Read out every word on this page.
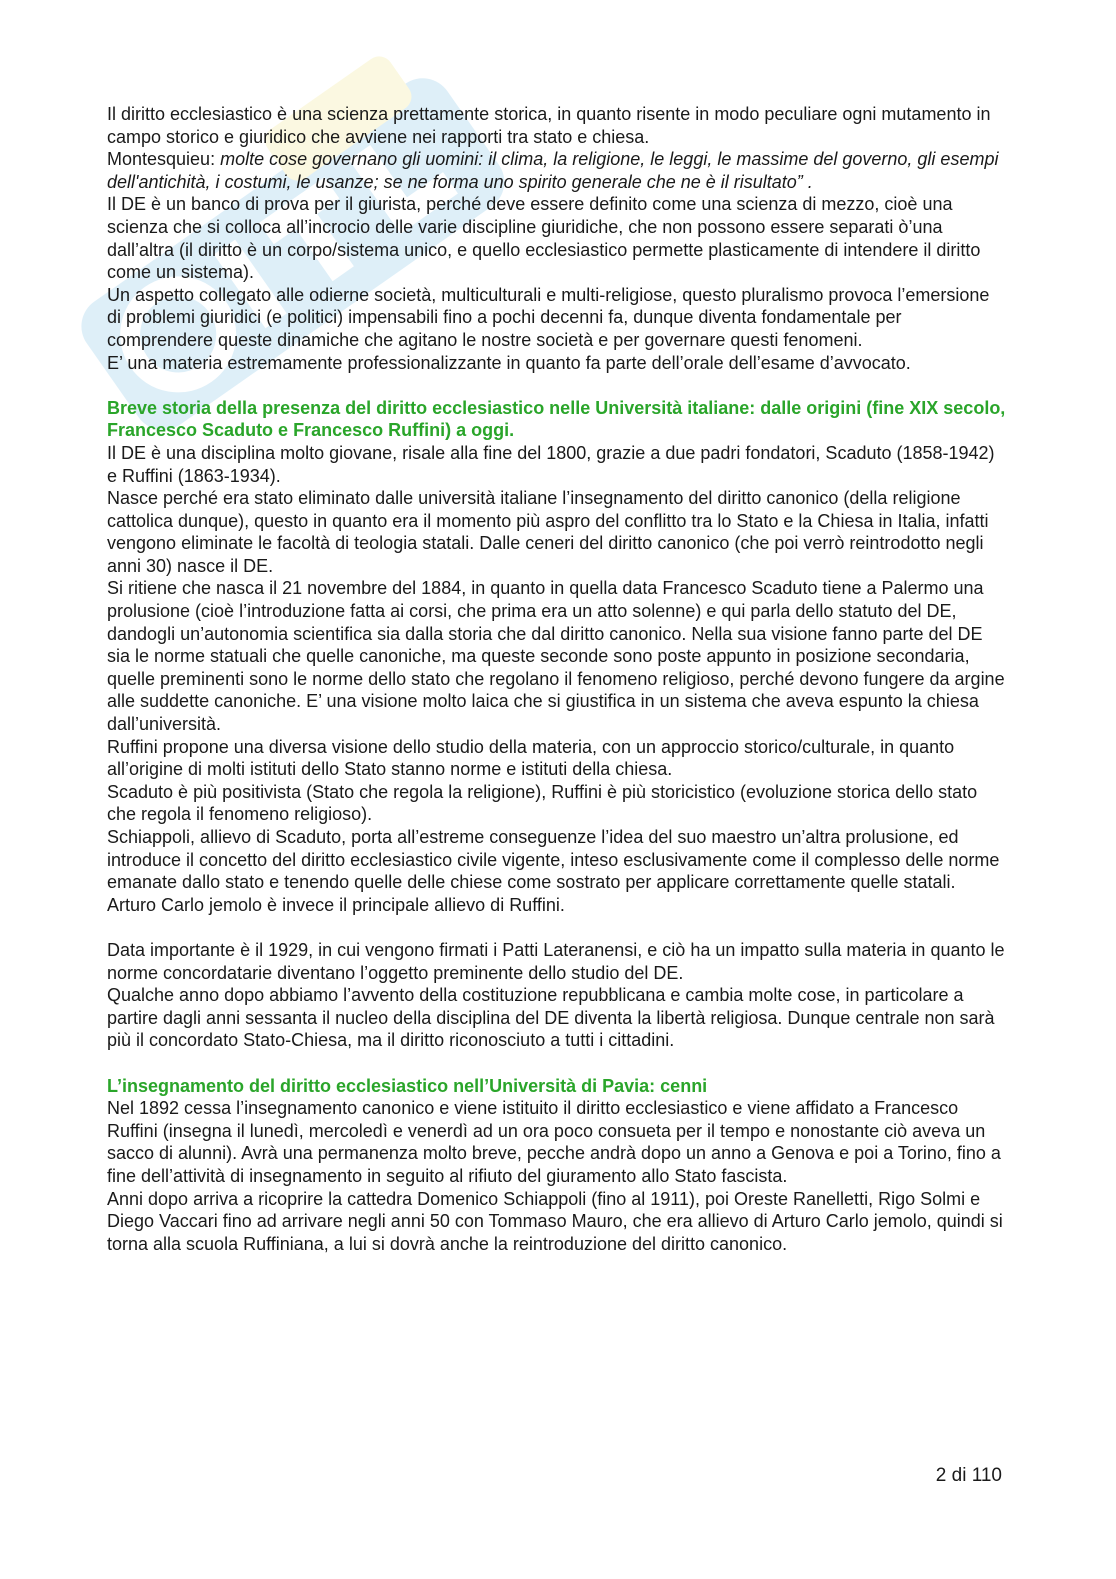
Il diritto ecclesiastico è una scienza prettamente storica, in quanto risente in modo peculiare ogni mutamento in campo storico e giuridico che avviene nei rapporti tra stato e chiesa.

Montesquieu: molte cose governano gli uomini: il clima, la religione, le leggi, le massime del governo, gli esempi dell'antichità, i costumi, le usanze; se ne forma uno spirito generale che ne è il risultato” .

Il DE è un banco di prova per il giurista, perché deve essere definito come una scienza di mezzo, cioè una scienza che si colloca all’incrocio delle varie discipline giuridiche, che non possono essere separati ò’una dall’altra (il diritto è un corpo/sistema unico, e quello ecclesiastico permette plasticamente di intendere il diritto come un sistema).

Un aspetto collegato alle odierne società, multiculturali e multi-religiose, questo pluralismo provoca l’emersione di problemi giuridici (e politici) impensabili fino a pochi decenni fa, dunque diventa fondamentale per comprendere queste dinamiche che agitano le nostre società e per governare questi fenomeni.

E’ una materia estremamente professionalizzante in quanto fa parte dell’orale dell’esame d’avvocato.

Breve storia della presenza del diritto ecclesiastico nelle Università italiane: dalle origini (fine XIX secolo, Francesco Scaduto e Francesco Ruffini) a oggi.

Il DE è una disciplina molto giovane, risale alla fine del 1800, grazie a due padri fondatori, Scaduto (1858-1942) e Ruffini (1863-1934).

Nasce perché era stato eliminato dalle università italiane l’insegnamento del diritto canonico (della religione cattolica dunque), questo in quanto era il momento più aspro del conflitto tra lo Stato e la Chiesa in Italia, infatti vengono eliminate le facoltà di teologia statali. Dalle ceneri del diritto canonico (che poi verrò reintrodotto negli anni 30) nasce il DE.

Si ritiene che nasca il 21 novembre del 1884, in quanto in quella data Francesco Scaduto tiene a Palermo una prolusione (cioè l’introduzione fatta ai corsi, che prima era un atto solenne) e qui parla dello statuto del DE, dandogli un’autonomia scientifica sia dalla storia che dal diritto canonico. Nella sua visione fanno parte del DE sia le norme statuali che quelle canoniche, ma queste seconde sono poste appunto in posizione secondaria, quelle preminenti sono le norme dello stato che regolano il fenomeno religioso, perché devono fungere da argine alle suddette canoniche. E’ una visione molto laica che si giustifica in un sistema che aveva espunto la chiesa dall’università.

Ruffini propone una diversa visione dello studio della materia, con un approccio storico/culturale, in quanto all’origine di molti istituti dello Stato stanno norme e istituti della chiesa.

Scaduto è più positivista (Stato che regola la religione), Ruffini è più storicistico (evoluzione storica dello stato che regola il fenomeno religioso).

Schiappoli, allievo di Scaduto, porta all’estreme conseguenze l’idea del suo maestro un’altra prolusione, ed introduce il concetto del diritto ecclesiastico civile vigente, inteso esclusivamente come il complesso delle norme emanate dallo stato e tenendo quelle delle chiese come sostrato per applicare correttamente quelle statali.

Arturo Carlo jemolo è invece il principale allievo di Ruffini.

Data importante è il 1929, in cui vengono firmati i Patti Lateranensi, e ciò ha un impatto sulla materia in quanto le norme concordatarie diventano l’oggetto preminente dello studio del DE.

Qualche anno dopo abbiamo l’avvento della costituzione repubblicana e cambia molte cose, in particolare a partire dagli anni sessanta il nucleo della disciplina del DE diventa la libertà religiosa. Dunque centrale non sarà più il concordato Stato-Chiesa, ma il diritto riconosciuto a tutti i cittadini.

L’insegnamento del diritto ecclesiastico nell’Università di Pavia: cenni

Nel 1892 cessa l’insegnamento canonico e viene istituito il diritto ecclesiastico e viene affidato a Francesco Ruffini (insegna il lunedì, mercoledì e venerdì ad un ora poco consueta per il tempo e nonostante ciò aveva un sacco di alunni). Avrà una permanenza molto breve, pecche andrà dopo un anno a Genova e poi a Torino, fino a fine dell’attività di insegnamento in seguito al rifiuto del giuramento allo Stato fascista.

Anni dopo arriva a ricoprire la cattedra Domenico Schiappoli (fino al 1911), poi Oreste Ranelletti, Rigo Solmi e Diego Vaccari fino ad arrivare negli anni 50 con Tommaso Mauro, che era allievo di Arturo Carlo jemolo, quindi si torna alla scuola Ruffiniana, a lui si dovrà anche la reintroduzione del diritto canonico.

2 di 110
